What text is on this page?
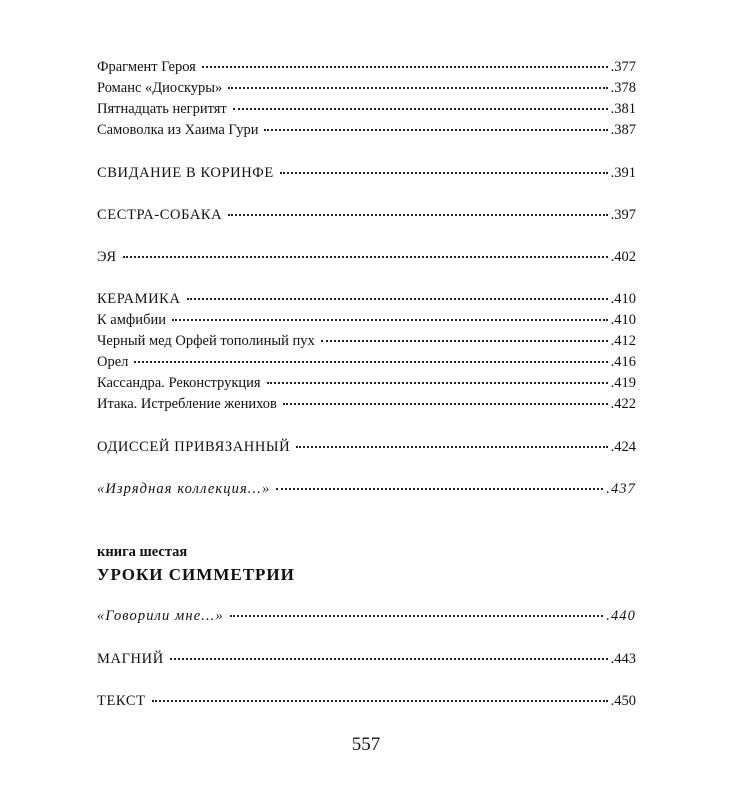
Фрагмент Героя	.377
Романс «Диоскуры»	.378
Пятнадцать негритят	.381
Самоволка из Хаима Гури	.387
СВИДАНИЕ В КОРИНФЕ	.391
СЕСТРА-СОБАКА	.397
ЭЯ	.402
КЕРАМИКА	.410
К амфибии	.410
Черный мед Орфей тополиный пух	.412
Орел	.416
Кассандра. Реконструкция	.419
Итака. Истребление женихов	.422
ОДИССЕЙ ПРИВЯЗАННЫЙ	.424
«Изрядная коллекция...»	.437
книга шестая
УРОКИ СИММЕТРИИ
«Говорили мне...»	.440
МАГНИЙ	.443
ТЕКСТ	.450
557
